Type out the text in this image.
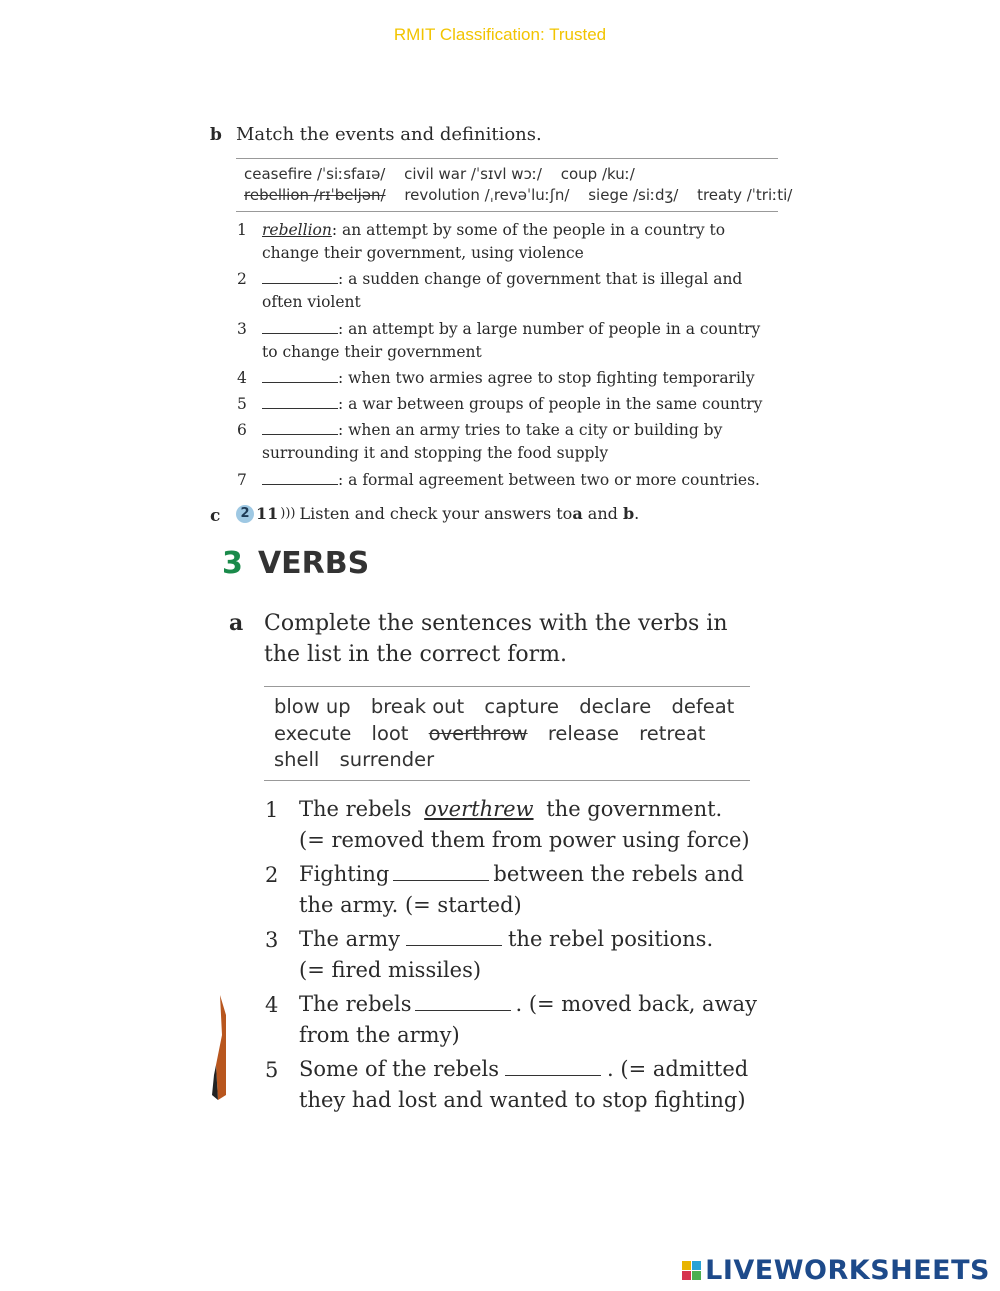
RMIT Classification: Trusted
b Match the events and definitions.
ceasefire /ˈsiːsfaɪə/ civil war /ˈsɪvl wɔː/ coup /kuː/
rebellion /rɪˈbeljən/ revolution /ˌrevəˈluːʃn/ siege /siːdʒ/ treaty /ˈtriːti/
1 rebellion: an attempt by some of the people in a country to
change their government, using violence
2	: a sudden change of government that is illegal and
often violent
3	: an attempt by a large number of people in a country
to change their government
4	: when two armies agree to stop fighting temporarily
5	: a war between groups of people in the same country
6	: when an army tries to take a city or building by
surrounding it and stopping the food supply
7	: a formal agreement between two or more countries.
c	2 11 ))) Listen and check your answers to a and b .
3 VERBS
a Complete the sentences with the verbs in
the list in the correct form.
blow up break out capture declare defeat
execute loot overthrow release retreat
shell surrender
1 The rebels overthrew the government.
(= removed them from power using force)
2 Fighting	between the rebels and
the army. (= started)
3 The army	the rebel positions.
(= fired missiles)
4 The rebels	. (= moved back, away
from the army)
5 Some of the rebels	. (= admitted
they had lost and wanted to stop fighting)
LIVEWORKSHEETS
